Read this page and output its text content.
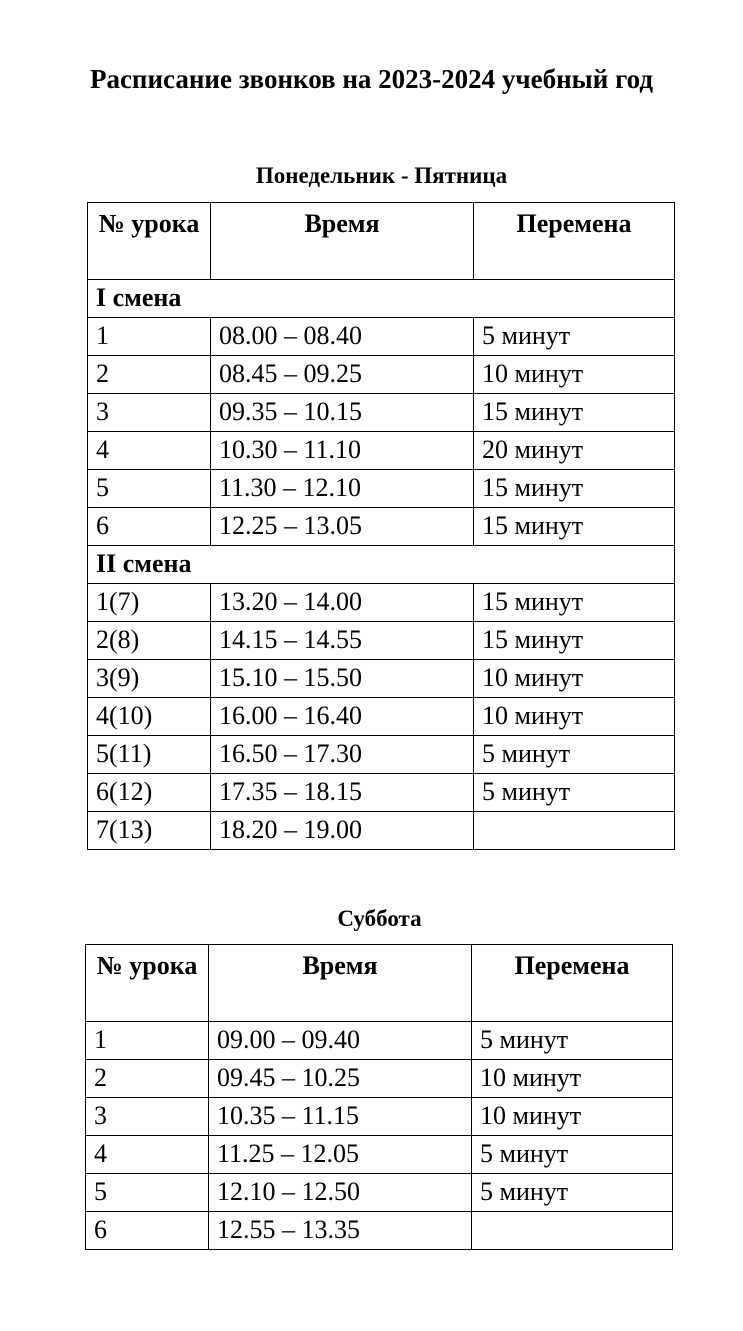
Расписание звонков на 2023-2024 учебный год
Понедельник - Пятница
№ урока	Время	Перемена
I смена		
1	08.00 – 08.40	5 минут
2	08.45 – 09.25	10 минут
3	09.35 – 10.15	15 минут
4	10.30 – 11.10	20 минут
5	11.30 – 12.10	15 минут
6	12.25 – 13.05	15 минут
II смена		
1(7)	13.20 – 14.00	15 минут
2(8)	14.15 – 14.55	15 минут
3(9)	15.10 – 15.50	10 минут
4(10)	16.00 – 16.40	10 минут
5(11)	16.50 – 17.30	5 минут
6(12)	17.35 – 18.15	5 минут
7(13)	18.20 – 19.00	
Суббота
№ урока	Время	Перемена
1	09.00 – 09.40	5 минут
2	09.45 – 10.25	10 минут
3	10.35 – 11.15	10 минут
4	11.25 – 12.05	5 минут
5	12.10 – 12.50	5 минут
6	12.55 – 13.35	
